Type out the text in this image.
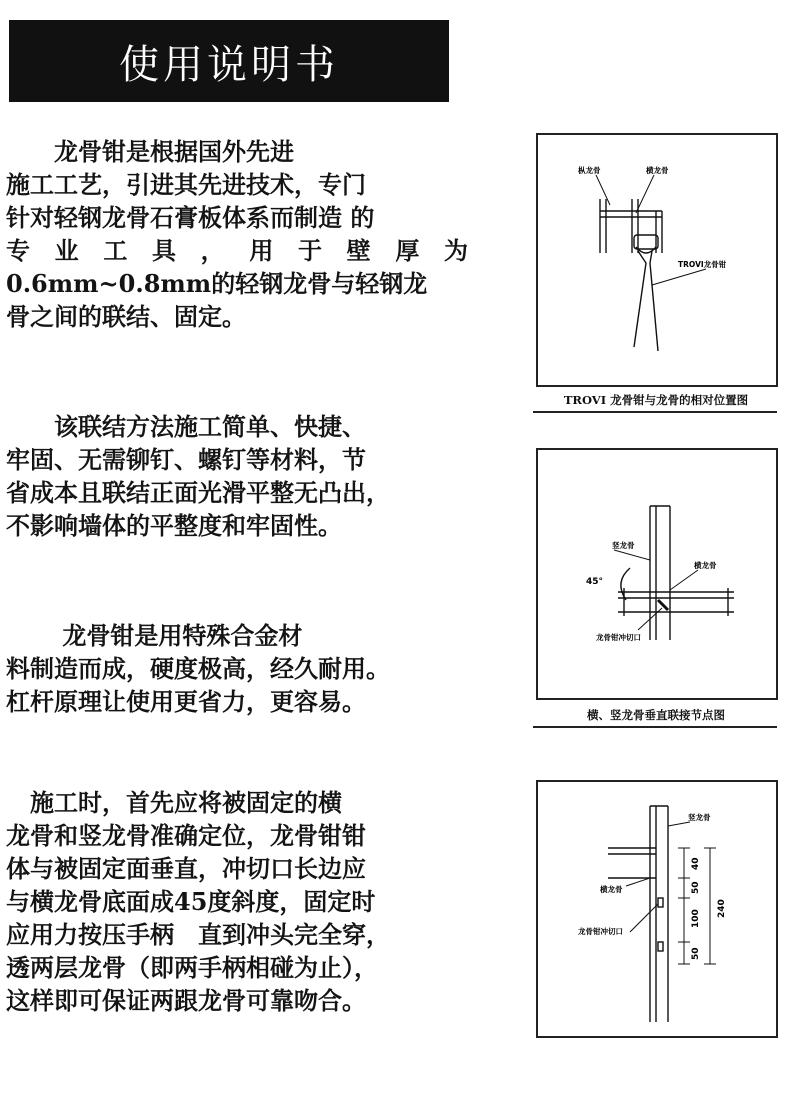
使用说明书
　　龙骨钳是根据国外先进
施工工艺，引进其先进技术，专门
针对轻钢龙骨石膏板体系而制造 的
专业工具，用于壁厚为
0.6mm~0.8mm的轻钢龙骨与轻钢龙
骨之间的联结、固定。
　　该联结方法施工简单、快捷、
牢固、无需铆钉、螺钉等材料，节
省成本且联结正面光滑平整无凸出，
不影响墙体的平整度和牢固性。
　　 龙骨钳是用特殊合金材
料制造而成，硬度极高，经久耐用。
杠杆原理让使用更省力，更容易。
　施工时，首先应将被固定的横
龙骨和竖龙骨准确定位，龙骨钳钳
体与被固定面垂直，冲切口长边应
与横龙骨底面成45度斜度，固定时
应用力按压手柄　直到冲头完全穿，
透两层龙骨（即两手柄相碰为止），
这样即可保证两跟龙骨可靠吻合。
枞龙骨	横龙骨
TROVI龙骨钳
TROVI 龙骨钳与龙骨的相对位置图
竖龙骨
横龙骨
45°
龙骨钳冲切口
横、竖龙骨垂直联接节点图
竖龙骨
横龙骨
龙骨钳冲切口
40
50
100
50
240
